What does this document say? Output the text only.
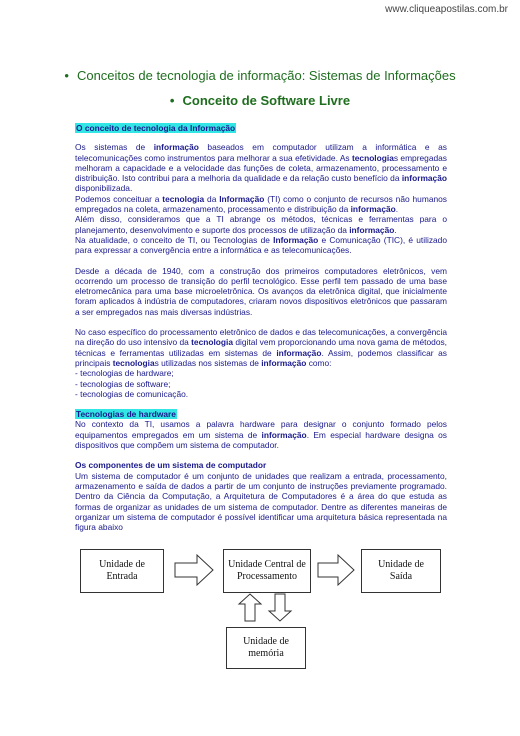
www.cliqueapostilas.com.br
• Conceitos de tecnologia de informação: Sistemas de Informações
• Conceito de Software Livre

O conceito de tecnologia da Informação

Os sistemas de informação baseados em computador utilizam a informática e as telecomunicações como instrumentos para melhorar a sua efetividade. As tecnologias empregadas melhoram a capacidade e a velocidade das funções de coleta, armazenamento, processamento e distribuição. Isto contribui para a melhoria da qualidade e da relação custo benefício da informação disponibilizada.

Podemos conceituar a tecnologia da Informação (TI) como o conjunto de recursos não humanos empregados na coleta, armazenamento, processamento e distribuição da informação.

Além disso, consideramos que a TI abrange os métodos, técnicas e ferramentas para o planejamento, desenvolvimento e suporte dos processos de utilização da informação.

Na atualidade, o conceito de TI, ou Tecnologias de Informação e Comunicação (TIC), é utilizado para expressar a convergência entre a informática e as telecomunicações.

Desde a década de 1940, com a construção dos primeiros computadores eletrônicos, vem ocorrendo um processo de transição do perfil tecnológico. Esse perfil tem passado de uma base eletromecânica para uma base microeletrônica. Os avanços da eletrônica digital, que inicialmente foram aplicados à indústria de computadores, criaram novos dispositivos eletrônicos que passaram a ser empregados nas mais diversas indústrias.

No caso específico do processamento eletrônico de dados e das telecomunicações, a convergência na direção do uso intensivo da tecnologia digital vem proporcionando uma nova gama de métodos, técnicas e ferramentas utilizadas em sistemas de informação. Assim, podemos classificar as principais tecnologias utilizadas nos sistemas de informação como:

- tecnologias de hardware;

- tecnologias de software;

- tecnologias de comunicação.

Tecnologias de hardware

No contexto da TI, usamos a palavra hardware para designar o conjunto formado pelos equipamentos empregados em um sistema de informação. Em especial hardware designa os dispositivos que compõem um sistema de computador.

Os componentes de um sistema de computador

Um sistema de computador é um conjunto de unidades que realizam a entrada, processamento, armazenamento e saída de dados a partir de um conjunto de instruções previamente programado. Dentro da Ciência da Computação, a Arquitetura de Computadores é a área do que estuda as formas de organizar as unidades de um sistema de computador. Dentre as diferentes maneiras de organizar um sistema de computador é possível identificar uma arquitetura básica representada na figura abaixo

Unidade de Entrada
Unidade Central de Processamento
Unidade de Saída
Unidade de memória
